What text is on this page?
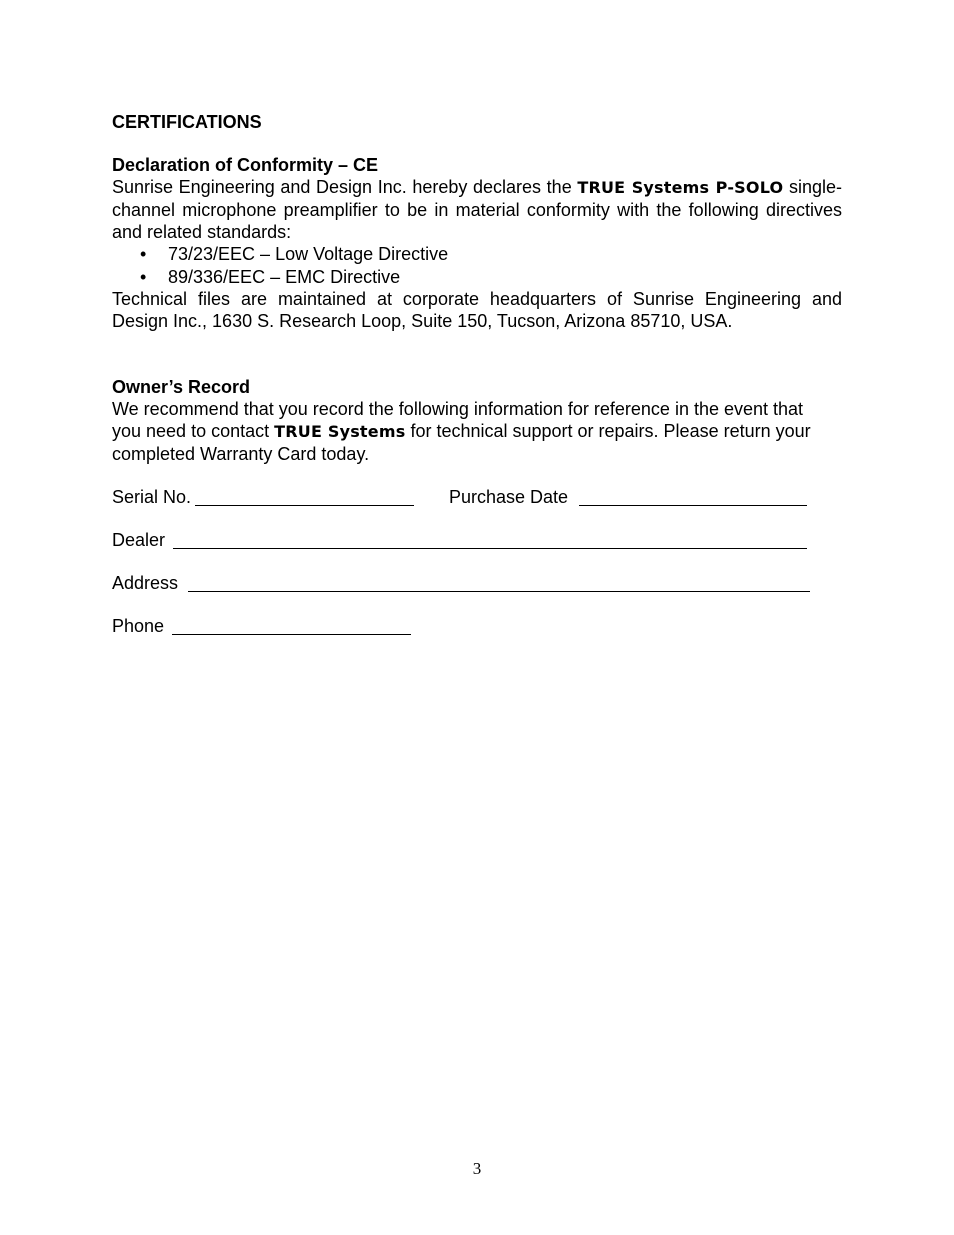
CERTIFICATIONS

Declaration of Conformity – CE

Sunrise Engineering and Design Inc. hereby declares the TRUE Systems P-SOLO single-channel microphone preamplifier to be in material conformity with the following directives and related standards:

• 73/23/EEC – Low Voltage Directive
• 89/336/EEC – EMC Directive

Technical files are maintained at corporate headquarters of Sunrise Engineering and Design Inc., 1630 S. Research Loop, Suite 150, Tucson, Arizona 85710, USA.

Owner’s Record

We recommend that you record the following information for reference in the event that you need to contact TRUE Systems for technical support or repairs. Please return your completed Warranty Card today.

Serial No.	Purchase Date
Dealer
Address
Phone
3
